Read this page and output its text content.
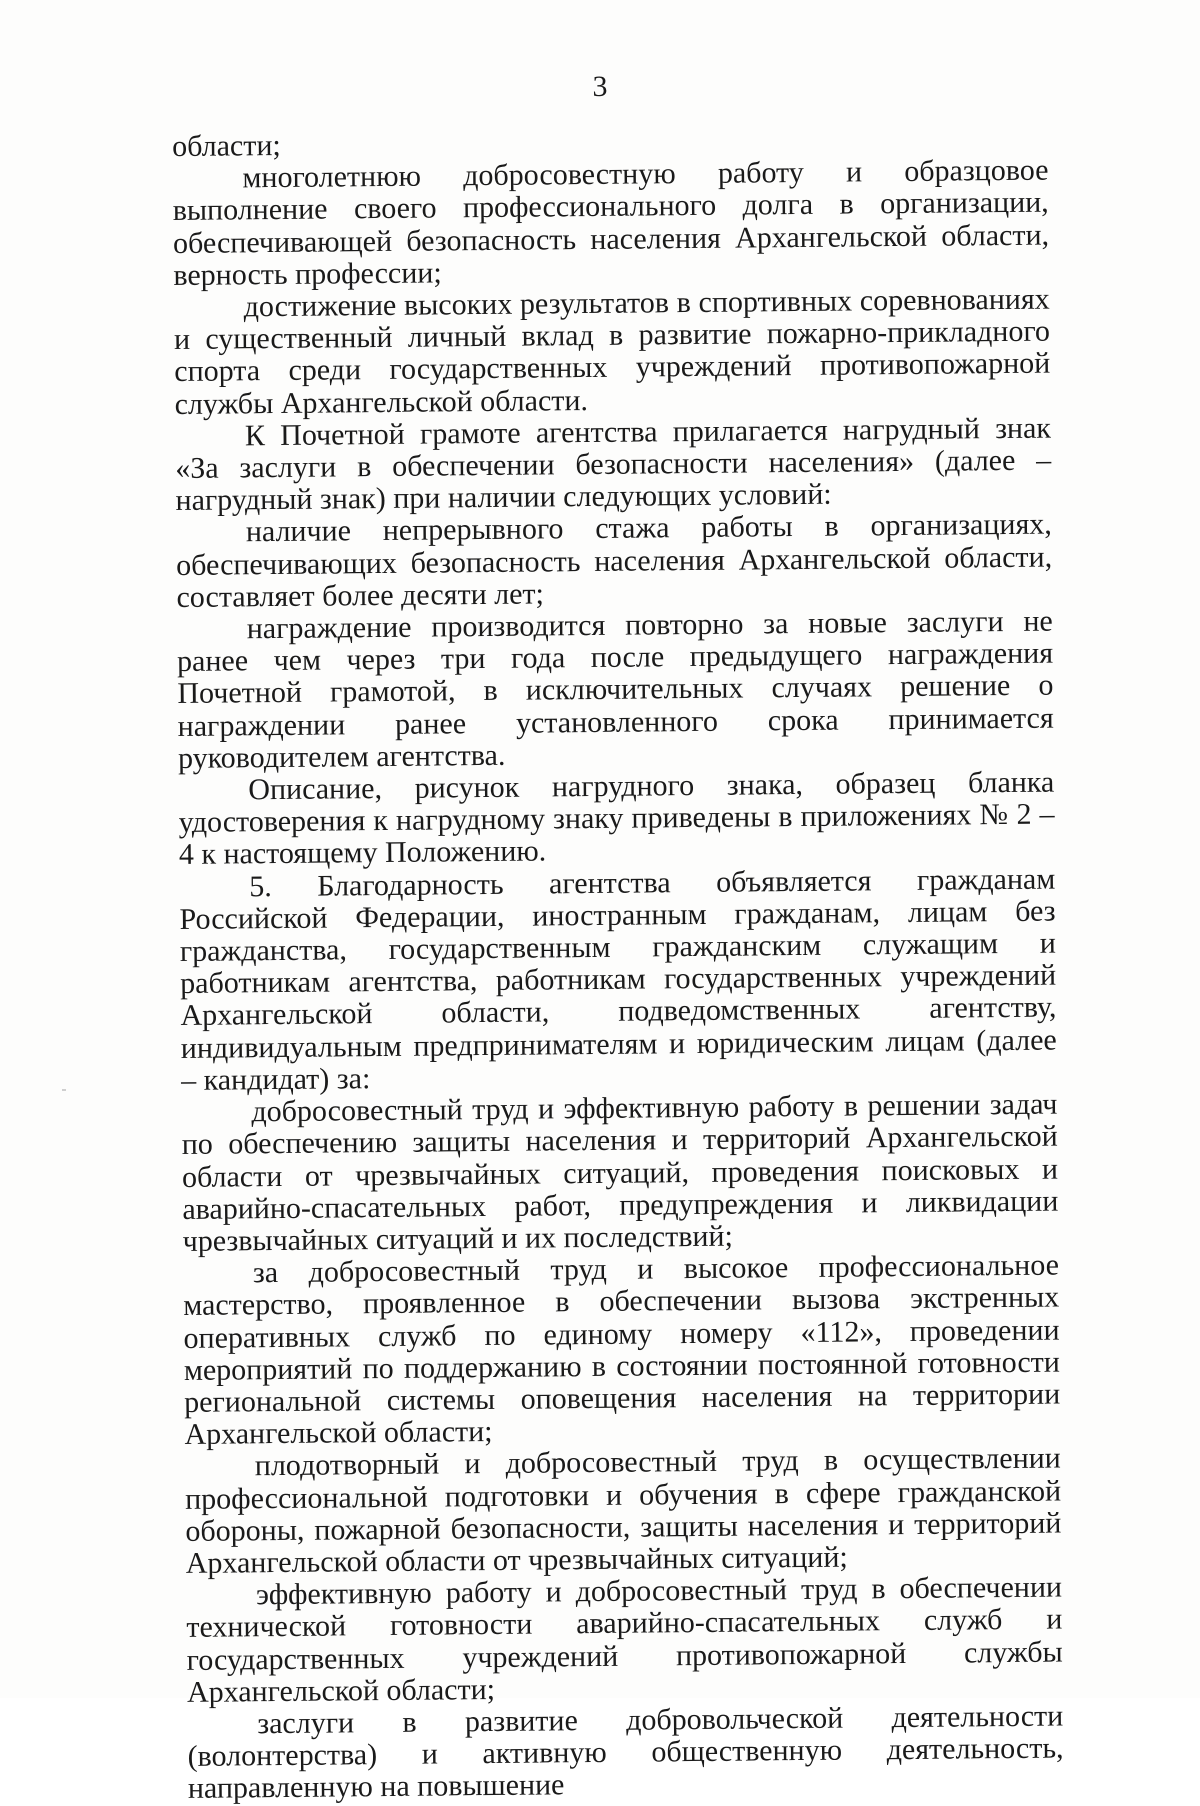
3

области;

многолетнюю добросовестную работу и образцовое выполнение своего профессионального долга в организации, обеспечивающей безопасность населения Архангельской области, верность профессии;

достижение высоких результатов в спортивных соревнованиях и существенный личный вклад в развитие пожарно-прикладного спорта среди государственных учреждений противопожарной службы Архангельской области.

К Почетной грамоте агентства прилагается нагрудный знак «За заслуги в обеспечении безопасности населения» (далее – нагрудный знак) при наличии следующих условий:

наличие непрерывного стажа работы в организациях, обеспечивающих безопасность населения Архангельской области, составляет более десяти лет;

награждение производится повторно за новые заслуги не ранее чем через три года после предыдущего награждения Почетной грамотой, в исключительных случаях решение о награждении ранее установленного срока принимается руководителем агентства.

Описание, рисунок нагрудного знака, образец бланка удостоверения к нагрудному знаку приведены в приложениях № 2 – 4 к настоящему Положению.

5. Благодарность агентства объявляется гражданам Российской Федерации, иностранным гражданам, лицам без гражданства, государственным гражданским служащим и работникам агентства, работникам государственных учреждений Архангельской области, подведомственных агентству, индивидуальным предпринимателям и юридическим лицам (далее – кандидат) за:

добросовестный труд и эффективную работу в решении задач по обеспечению защиты населения и территорий Архангельской области от чрезвычайных ситуаций, проведения поисковых и аварийно-спасательных работ, предупреждения и ликвидации чрезвычайных ситуаций и их последствий;

за добросовестный труд и высокое профессиональное мастерство, проявленное в обеспечении вызова экстренных оперативных служб по единому номеру «112», проведении мероприятий по поддержанию в состоянии постоянной готовности региональной системы оповещения населения на территории Архангельской области;

плодотворный и добросовестный труд в осуществлении профессиональной подготовки и обучения в сфере гражданской обороны, пожарной безопасности, защиты населения и территорий Архангельской области от чрезвычайных ситуаций;

эффективную работу и добросовестный труд в обеспечении технической готовности аварийно-спасательных служб и государственных учреждений противопожарной службы Архангельской области;

заслуги в развитие добровольческой деятельности (волонтерства) и активную общественную деятельность, направленную на повышение
